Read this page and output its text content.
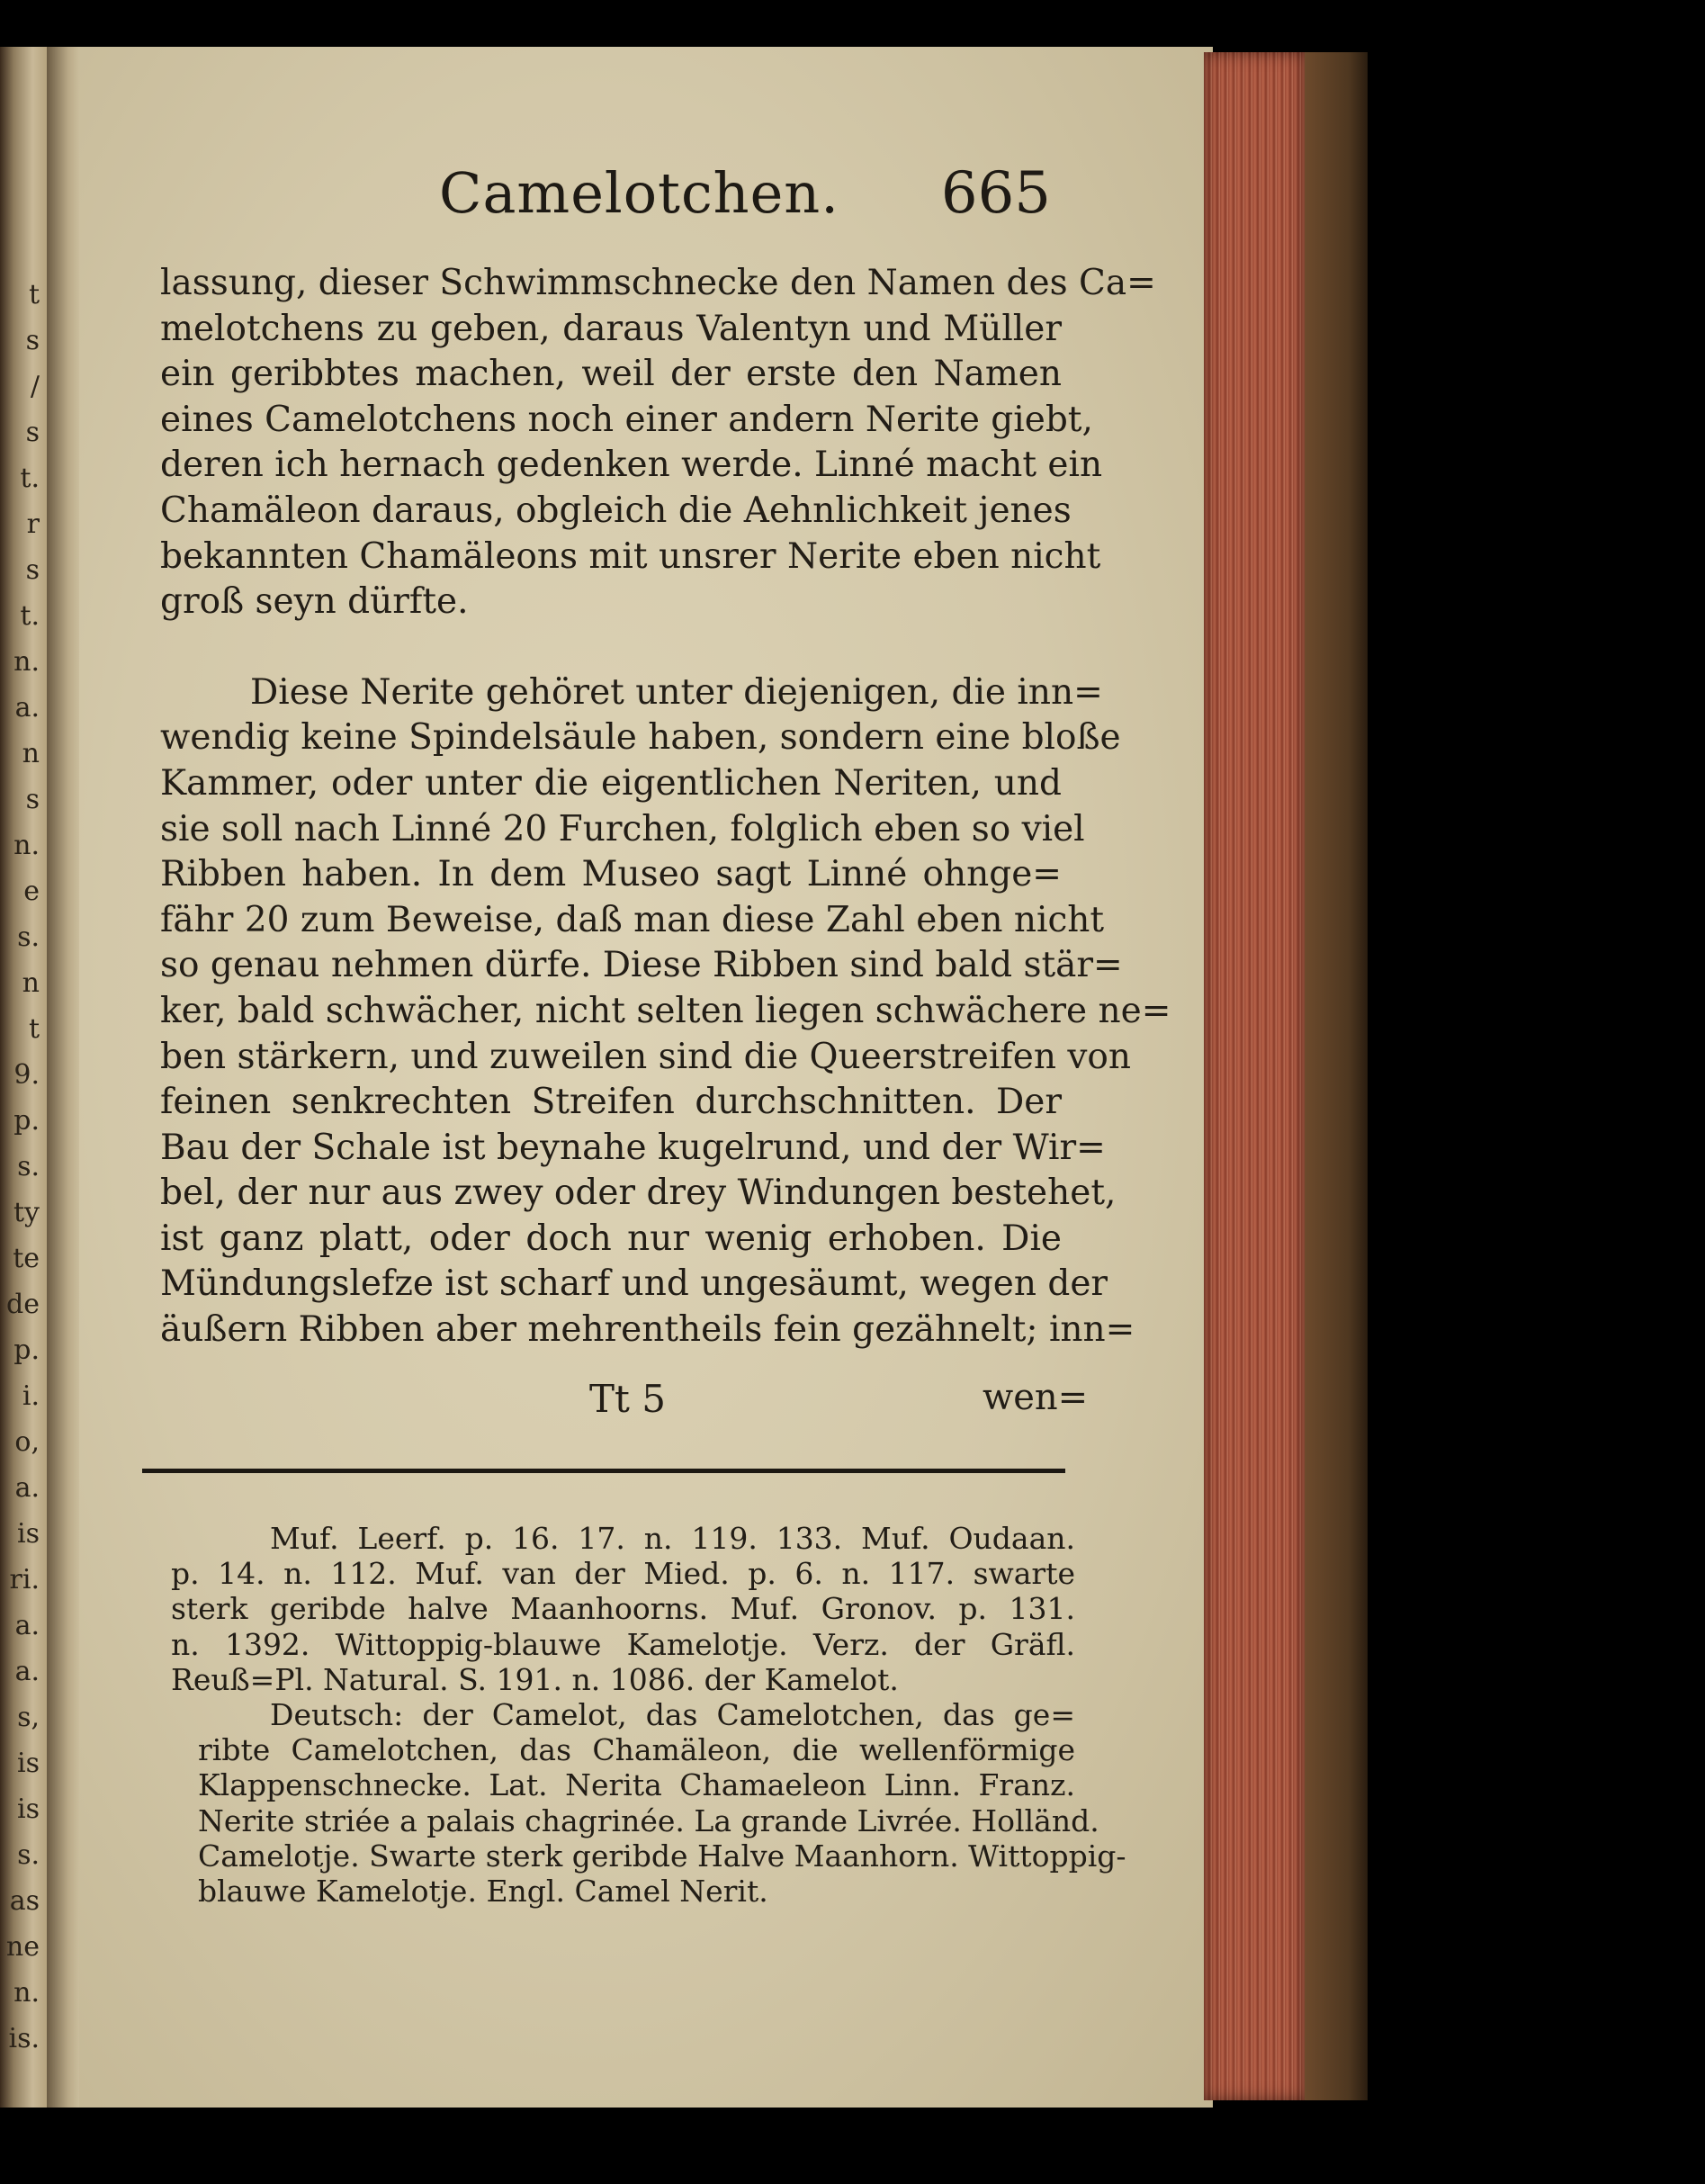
t
s
/
s
t.
r
s
t.
n.
a.
n
s
n.
e
s.
n
t
9.
p.
s.
ty
te
de
p.
i.
o,
a.
is
ri.
a.
a.
s,
is
is
s.
as
ne
n.
is.
Camelotchen. 665
lassung, dieser Schwimmschnecke den Namen des Ca=
melotchens zu geben, daraus Valentyn und Müller
ein geribbtes machen, weil der erste den Namen
eines Camelotchens noch einer andern Nerite giebt,
deren ich hernach gedenken werde. Linné macht ein
Chamäleon daraus, obgleich die Aehnlichkeit jenes
bekannten Chamäleons mit unsrer Nerite eben nicht
groß seyn dürfte.
Diese Nerite gehöret unter diejenigen, die inn=
wendig keine Spindelsäule haben, sondern eine bloße
Kammer, oder unter die eigentlichen Neriten, und
sie soll nach Linné 20 Furchen, folglich eben so viel
Ribben haben. In dem Museo sagt Linné ohnge=
fähr 20 zum Beweise, daß man diese Zahl eben nicht
so genau nehmen dürfe. Diese Ribben sind bald stär=
ker, bald schwächer, nicht selten liegen schwächere ne=
ben stärkern, und zuweilen sind die Queerstreifen von
feinen senkrechten Streifen durchschnitten. Der
Bau der Schale ist beynahe kugelrund, und der Wir=
bel, der nur aus zwey oder drey Windungen bestehet,
ist ganz platt, oder doch nur wenig erhoben. Die
Mündungslefze ist scharf und ungesäumt, wegen der
äußern Ribben aber mehrentheils fein gezähnelt; inn=
Tt 5	wen=
Muf. Leerf. p. 16. 17. n. 119. 133. Muf. Oudaan.
p. 14. n. 112. Muf. van der Mied. p. 6. n. 117. swarte
sterk geribde halve Maanhoorns. Muf. Gronov. p. 131.
n. 1392. Wittoppig-blauwe Kamelotje. Verz. der Gräfl.
Reuß=Pl. Natural. S. 191. n. 1086. der Kamelot.
Deutsch: der Camelot, das Camelotchen, das ge=
ribte Camelotchen, das Chamäleon, die wellenförmige
Klappenschnecke. Lat. Nerita Chamaeleon Linn. Franz.
Nerite striée a palais chagrinée. La grande Livrée. Holländ.
Camelotje. Swarte sterk geribde Halve Maanhorn. Wittoppig-
blauwe Kamelotje. Engl. Camel Nerit.
